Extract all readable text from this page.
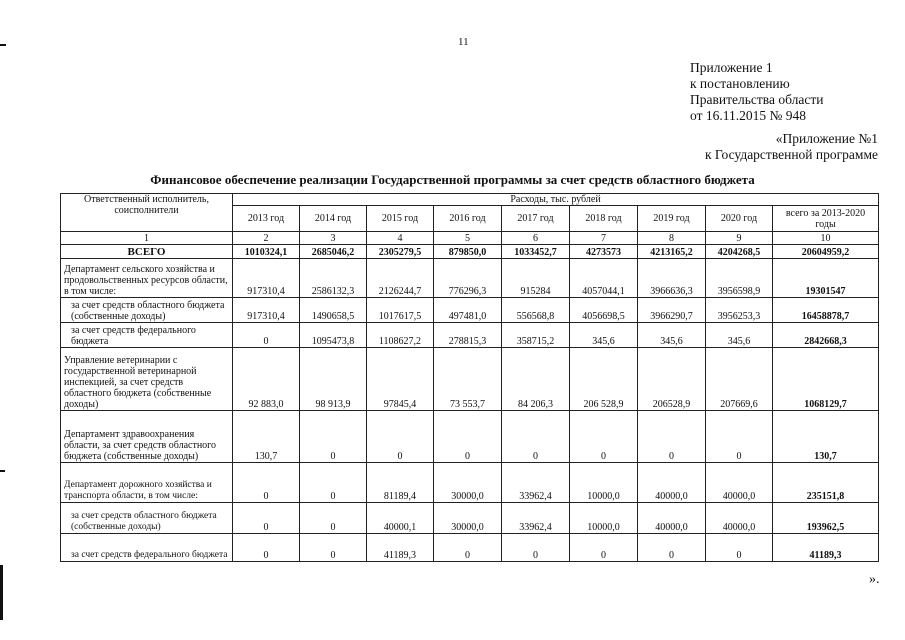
11
Приложение 1
к постановлению
Правительства области
от 16.11.2015 № 948
«Приложение №1
к Государственной программе
Финансовое обеспечение реализации Государственной программы за счет средств областного бюджета
Ответственный исполнитель, соисполнители	Расходы, тыс. рублей								
	2013 год	2014 год	2015 год	2016 год	2017 год	2018 год	2019 год	2020 год	всего за 2013-2020 годы
1	2	3	4	5	6	7	8	9	10
ВСЕГО	1010324,1	2685046,2	2305279,5	879850,0	1033452,7	4273573	4213165,2	4204268,5	20604959,2
Департамент сельского хозяйства и продовольственных ресурсов области, в том числе:	917310,4	2586132,3	2126244,7	776296,3	915284	4057044,1	3966636,3	3956598,9	19301547
за счет средств областного бюджета (собственные доходы)	917310,4	1490658,5	1017617,5	497481,0	556568,8	4056698,5	3966290,7	3956253,3	16458878,7
за счет средств федерального бюджета	0	1095473,8	1108627,2	278815,3	358715,2	345,6	345,6	345,6	2842668,3
Управление ветеринарии с государственной ветеринарной инспекцией, за счет средств областного бюджета (собственные доходы)	92 883,0	98 913,9	97845,4	73 553,7	84 206,3	206 528,9	206528,9	207669,6	1068129,7
Департамент здравоохранения области, за счет средств областного бюджета (собственные доходы)	130,7	0	0	0	0	0	0	0	130,7
Департамент дорожного хозяйства и транспорта области, в том числе:	0	0	81189,4	30000,0	33962,4	10000,0	40000,0	40000,0	235151,8
за счет средств областного бюджета (собственные доходы)	0	0	40000,1	30000,0	33962,4	10000,0	40000,0	40000,0	193962,5
за счет средств федерального бюджета	0	0	41189,3	0	0	0	0	0	41189,3
».
